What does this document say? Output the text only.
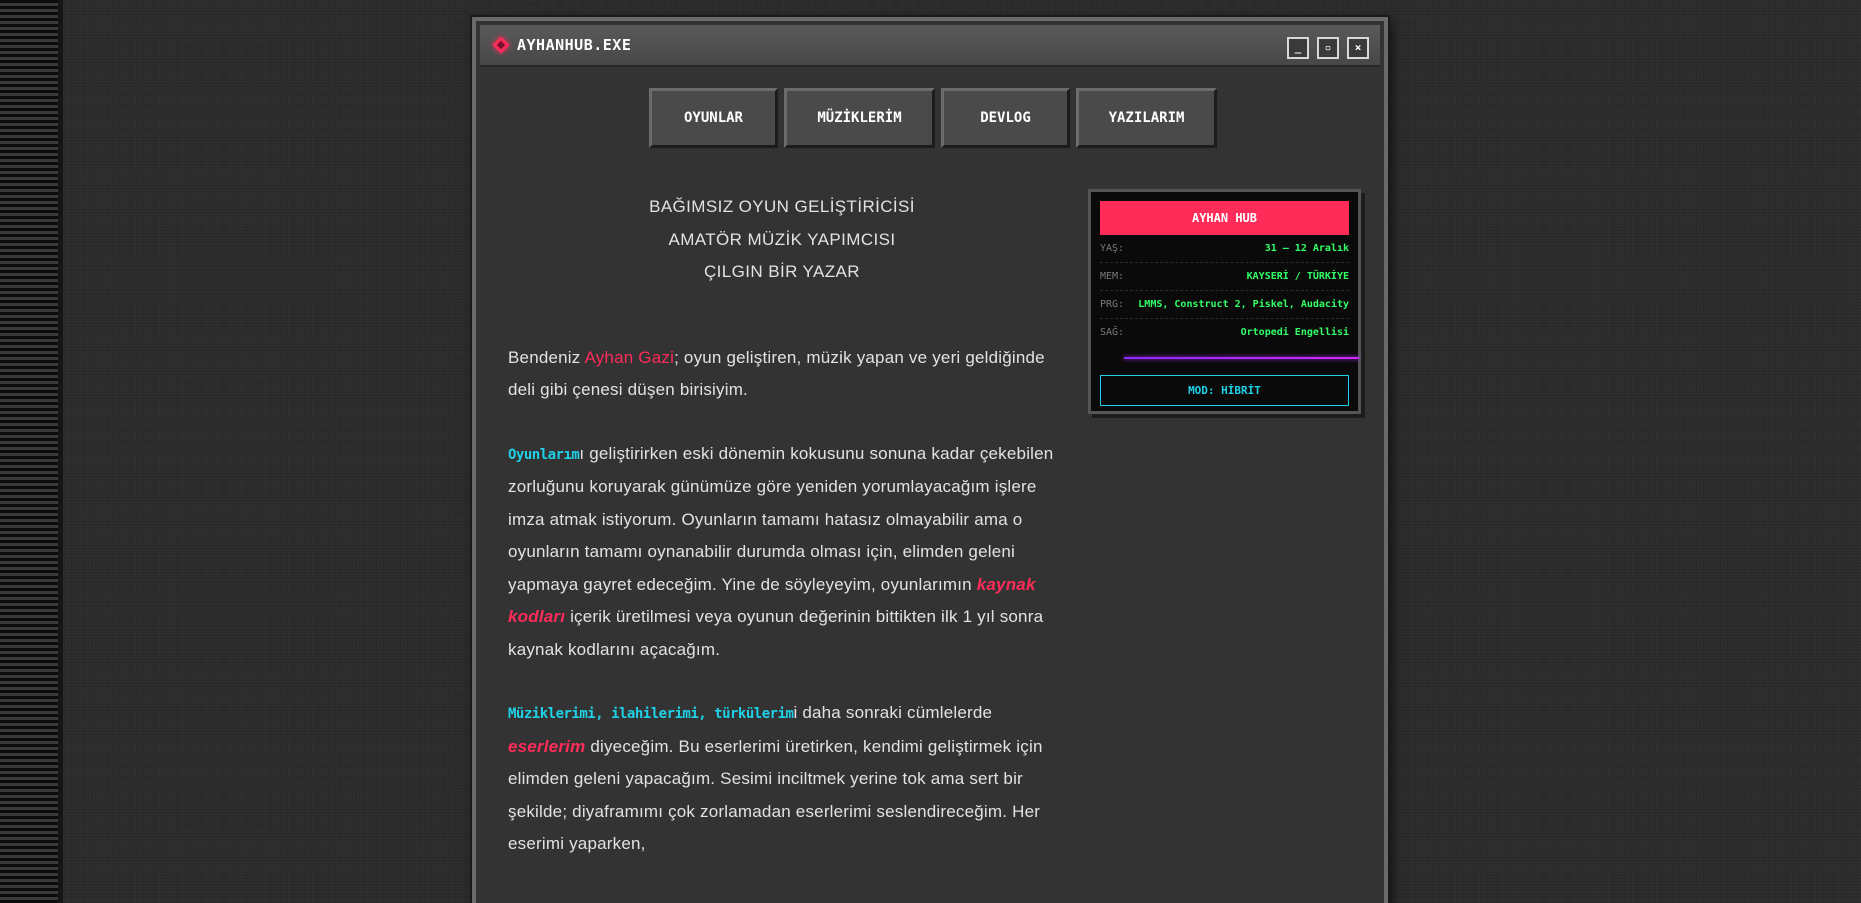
AYHANHUB.EXE	_	▫	×
OYUNLAR	MÜZİKLERİM	DEVLOG	YAZILARIM
BAĞIMSIZ OYUN GELİŞTİRİCİSİ
AMATÖR MÜZİK YAPIMCISI
ÇILGIN BİR YAZAR

Bendeniz Ayhan Gazi; oyun geliştiren, müzik yapan ve yeri geldiğinde deli gibi çenesi düşen birisiyim.

Oyunlarımı geliştirirken eski dönemin kokusunu sonuna kadar çekebilen zorluğunu koruyarak günümüze göre yeniden yorumlayacağım işlere imza atmak istiyorum. Oyunların tamamı hatasız olmayabilir ama o oyunların tamamı oynanabilir durumda olması için, elimden geleni yapmaya gayret edeceğim. Yine de söyleyeyim, oyunlarımın kaynak kodları içerik üretilmesi veya oyunun değerinin bittikten ilk 1 yıl sonra kaynak kodlarını açacağım.

Müziklerimi, ilahilerimi, türkülerimi daha sonraki cümlelerde eserlerim diyeceğim. Bu eserlerimi üretirken, kendimi geliştirmek için elimden geleni yapacağım. Sesimi inciltmek yerine tok ama sert bir şekilde; diyaframımı çok zorlamadan eserlerimi seslendireceğim. Her eserimi yaparken,

AYHAN HUB
YAŞ:	31 – 12 Aralık
MEM:	KAYSERİ / TÜRKİYE
PRG: LMMS, Construct 2, Piskel, Audacity
SAĞ:	Ortopedi Engellisi
MOD: HİBRİT
